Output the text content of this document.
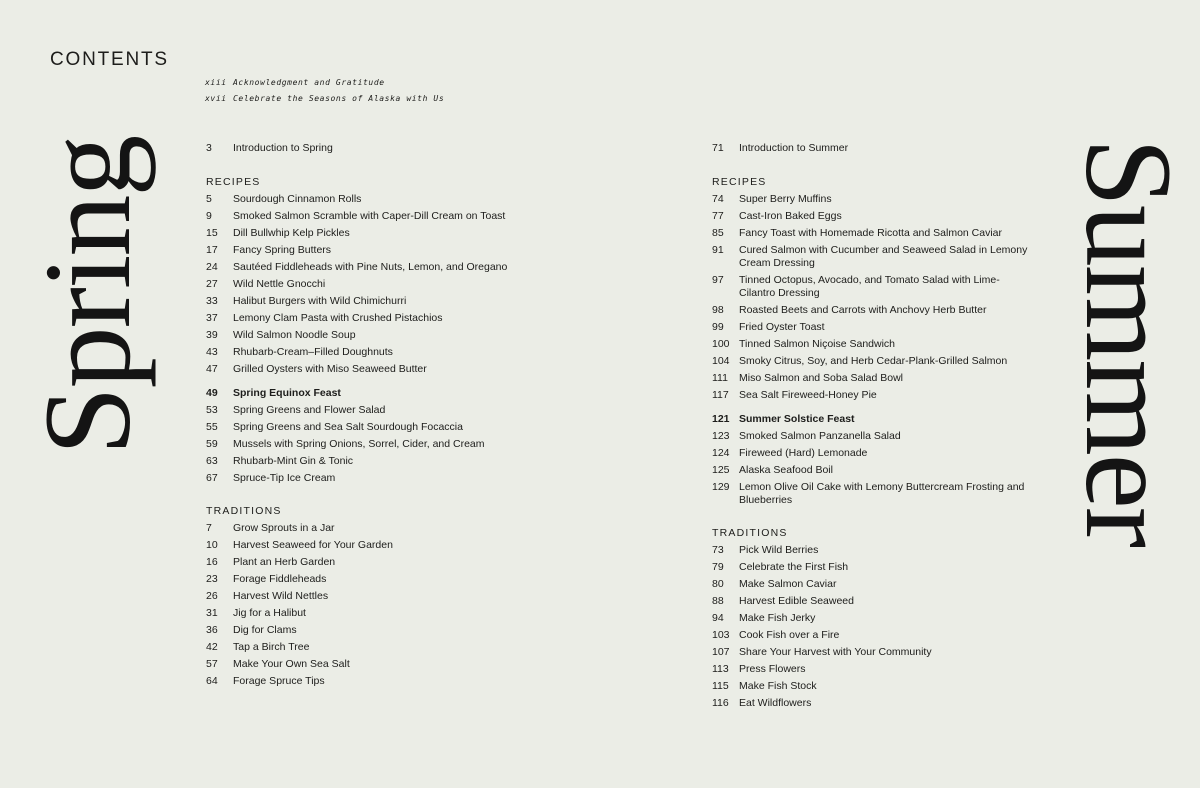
CONTENTS
xiii Acknowledgment and Gratitude
xvii Celebrate the Seasons of Alaska with Us
Spring	Summer
3	Introduction to Spring
RECIPES
5	Sourdough Cinnamon Rolls
9	Smoked Salmon Scramble with Caper-Dill Cream on Toast
15	Dill Bullwhip Kelp Pickles
17	Fancy Spring Butters
24	Sautéed Fiddleheads with Pine Nuts, Lemon, and Oregano
27	Wild Nettle Gnocchi
33	Halibut Burgers with Wild Chimichurri
37	Lemony Clam Pasta with Crushed Pistachios
39	Wild Salmon Noodle Soup
43	Rhubarb-Cream–Filled Doughnuts
47	Grilled Oysters with Miso Seaweed Butter
49	Spring Equinox Feast
53	Spring Greens and Flower Salad
55	Spring Greens and Sea Salt Sourdough Focaccia
59	Mussels with Spring Onions, Sorrel, Cider, and Cream
63	Rhubarb-Mint Gin & Tonic
67	Spruce-Tip Ice Cream
TRADITIONS
7	Grow Sprouts in a Jar
10	Harvest Seaweed for Your Garden
16	Plant an Herb Garden
23	Forage Fiddleheads
26	Harvest Wild Nettles
31	Jig for a Halibut
36	Dig for Clams
42	Tap a Birch Tree
57	Make Your Own Sea Salt
64	Forage Spruce Tips
71	Introduction to Summer
RECIPES
74	Super Berry Muffins
77	Cast-Iron Baked Eggs
85	Fancy Toast with Homemade Ricotta and Salmon Caviar
91	Cured Salmon with Cucumber and Seaweed Salad in Lemony Cream Dressing
97	Tinned Octopus, Avocado, and Tomato Salad with Lime-Cilantro Dressing
98	Roasted Beets and Carrots with Anchovy Herb Butter
99	Fried Oyster Toast
100 Tinned Salmon Niçoise Sandwich
104 Smoky Citrus, Soy, and Herb Cedar-Plank-Grilled Salmon
111	Miso Salmon and Soba Salad Bowl
117 Sea Salt Fireweed-Honey Pie
121 Summer Solstice Feast
123 Smoked Salmon Panzanella Salad
124 Fireweed (Hard) Lemonade
125 Alaska Seafood Boil
129 Lemon Olive Oil Cake with Lemony Buttercream Frosting and Blueberries
TRADITIONS
73	Pick Wild Berries
79	Celebrate the First Fish
80	Make Salmon Caviar
88	Harvest Edible Seaweed
94	Make Fish Jerky
103 Cook Fish over a Fire
107 Share Your Harvest with Your Community
113 Press Flowers
115 Make Fish Stock
116 Eat Wildflowers
